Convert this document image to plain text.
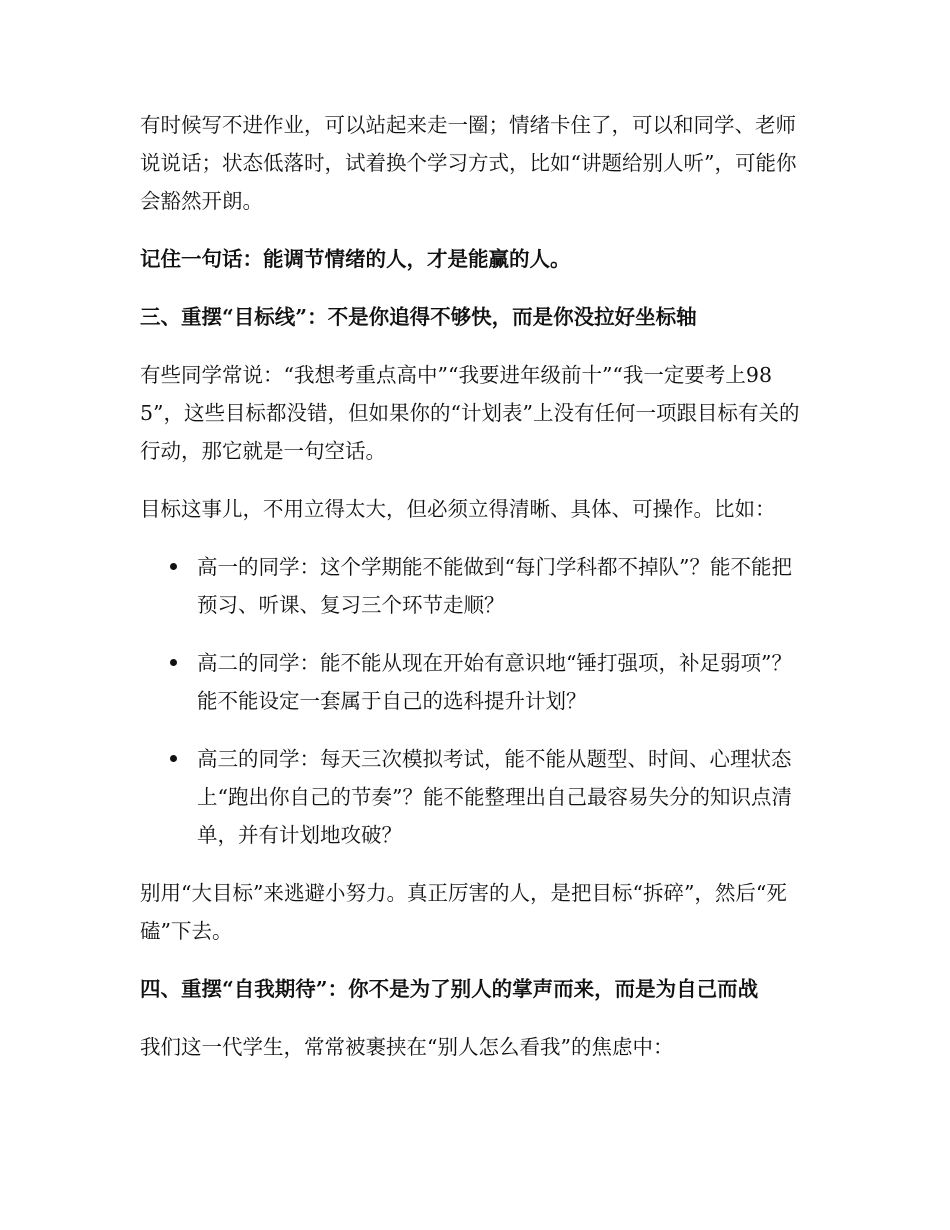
有时候写不进作业，可以站起来走一圈；情绪卡住了，可以和同学、老师说说话；状态低落时，试着换个学习方式，比如“讲题给别人听”，可能你会豁然开朗。

记住一句话：能调节情绪的人，才是能赢的人。

三、重摆“目标线”：不是你追得不够快，而是你没拉好坐标轴

有些同学常说：“我想考重点高中”“我要进年级前十”“我一定要考上985”，这些目标都没错，但如果你的“计划表”上没有任何一项跟目标有关的行动，那它就是一句空话。

目标这事儿，不用立得太大，但必须立得清晰、具体、可操作。比如：

高一的同学：这个学期能不能做到“每门学科都不掉队”？能不能把预习、听课、复习三个环节走顺？
高二的同学：能不能从现在开始有意识地“锤打强项，补足弱项”？能不能设定一套属于自己的选科提升计划？
高三的同学：每天三次模拟考试，能不能从题型、时间、心理状态上“跑出你自己的节奏”？能不能整理出自己最容易失分的知识点清单，并有计划地攻破？

别用“大目标”来逃避小努力。真正厉害的人，是把目标“拆碎”，然后“死磕”下去。

四、重摆“自我期待”：你不是为了别人的掌声而来，而是为自己而战

我们这一代学生，常常被裹挟在“别人怎么看我”的焦虑中：
